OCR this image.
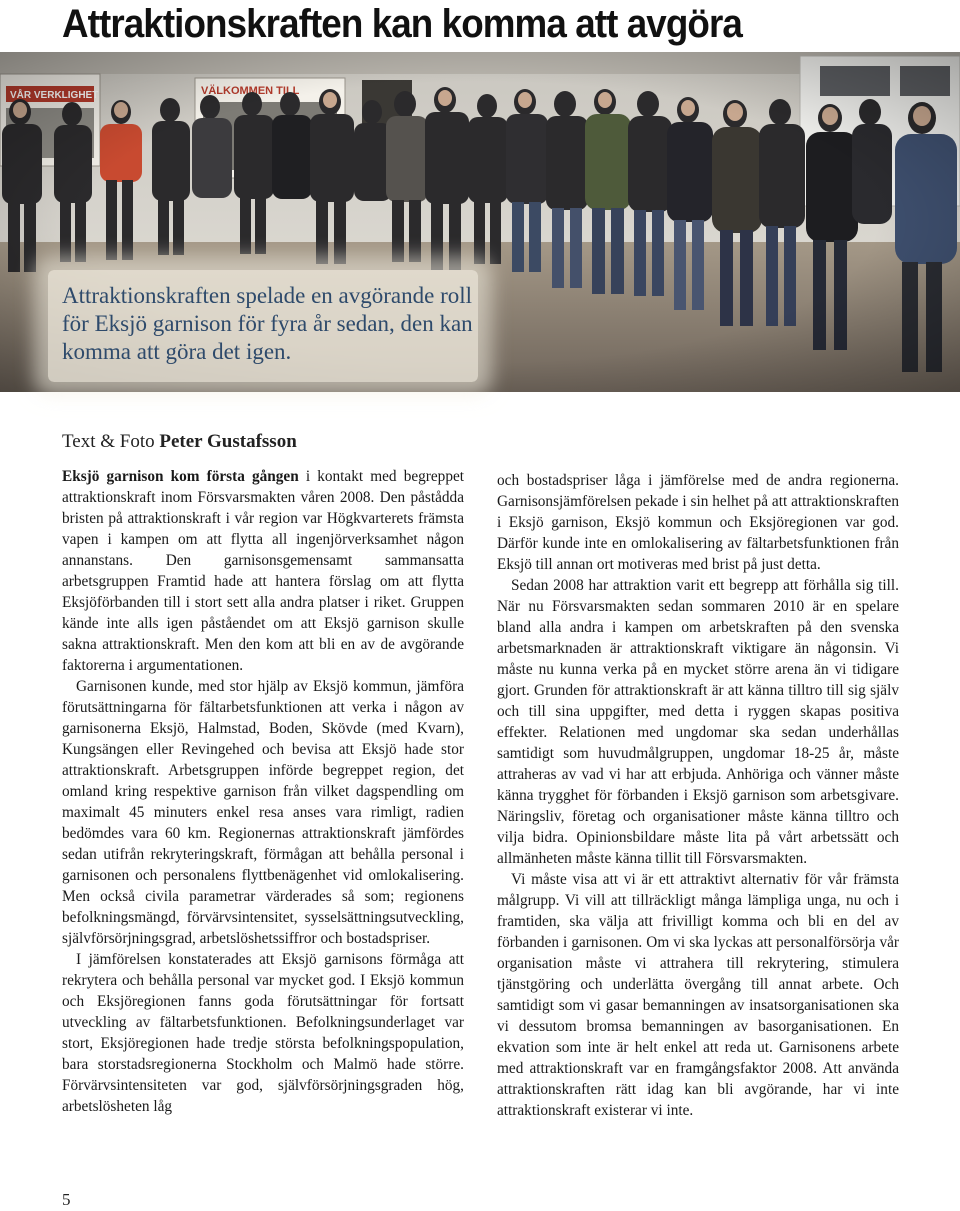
Attraktionskraften kan komma att avgöra

Attraktionskraften spelade en avgörande roll för Eksjö garnison för fyra år sedan, den kan komma att göra det igen.

Text & Foto Peter Gustafsson

Eksjö garnison kom första gången i kontakt med begreppet attraktionskraft inom Försvarsmakten våren 2008. Den påstådda bristen på attraktionskraft i vår region var Högkvarterets främsta vapen i kampen om att flytta all ingenjörverksamhet någon annanstans. Den garnisonsgemensamt sammansatta arbetsgruppen Framtid hade att hantera förslag om att flytta Eksjöförbanden till i stort sett alla andra platser i riket. Gruppen kände inte alls igen påståendet om att Eksjö garnison skulle sakna attraktionskraft. Men den kom att bli en av de avgörande faktorerna i argumentationen.

Garnisonen kunde, med stor hjälp av Eksjö kommun, jämföra förutsättningarna för fältarbetsfunktionen att verka i någon av garnisonerna Eksjö, Halmstad, Boden, Skövde (med Kvarn), Kungsängen eller Revingehed och bevisa att Eksjö hade stor attraktionskraft. Arbetsgruppen införde begreppet region, det omland kring respektive garnison från vilket dagspendling om maximalt 45 minuters enkel resa anses vara rimligt, radien bedömdes vara 60 km. Regionernas attraktionskraft jämfördes sedan utifrån rekryteringskraft, förmågan att behålla personal i garnisonen och personalens flyttbenägenhet vid omlokalisering. Men också civila parametrar värderades så som; regionens befolkningsmängd, förvärvsintensitet, sysselsättningsutveckling, självförsörjningsgrad, arbetslöshetssiffror och bostadspriser.

I jämförelsen konstaterades att Eksjö garnisons förmåga att rekrytera och behålla personal var mycket god. I Eksjö kommun och Eksjöregionen fanns goda förutsättningar för fortsatt utveckling av fältarbetsfunktionen. Befolkningsunderlaget var stort, Eksjöregionen hade tredje största befolkningspopulation, bara storstadsregionerna Stockholm och Malmö hade större. Förvärvsintensiteten var god, självförsörjningsgraden hög, arbetslösheten låg

och bostadspriser låga i jämförelse med de andra regionerna. Garnisonsjämförelsen pekade i sin helhet på att attraktionskraften i Eksjö garnison, Eksjö kommun och Eksjöregionen var god. Därför kunde inte en omlokalisering av fältarbetsfunktionen från Eksjö till annan ort motiveras med brist på just detta.

Sedan 2008 har attraktion varit ett begrepp att förhålla sig till. När nu Försvarsmakten sedan sommaren 2010 är en spelare bland alla andra i kampen om arbetskraften på den svenska arbetsmarknaden är attraktionskraft viktigare än någonsin. Vi måste nu kunna verka på en mycket större arena än vi tidigare gjort. Grunden för attraktionskraft är att känna tilltro till sig själv och till sina uppgifter, med detta i ryggen skapas positiva effekter. Relationen med ungdomar ska sedan underhållas samtidigt som huvudmålgruppen, ungdomar 18-25 år, måste attraheras av vad vi har att erbjuda. Anhöriga och vänner måste känna trygghet för förbanden i Eksjö garnison som arbetsgivare. Näringsliv, företag och organisationer måste känna tilltro och vilja bidra. Opinionsbildare måste lita på vårt arbetssätt och allmänheten måste känna tillit till Försvarsmakten.

Vi måste visa att vi är ett attraktivt alternativ för vår främsta målgrupp. Vi vill att tillräckligt många lämpliga unga, nu och i framtiden, ska välja att frivilligt komma och bli en del av förbanden i garnisonen. Om vi ska lyckas att personalförsörja vår organisation måste vi attrahera till rekrytering, stimulera tjänstgöring och underlätta övergång till annat arbete. Och samtidigt som vi gasar bemanningen av insatsorganisationen ska vi dessutom bromsa bemanningen av basorganisationen. En ekvation som inte är helt enkel att reda ut. Garnisonens arbete med attraktionskraft var en framgångsfaktor 2008. Att använda attraktionskraften rätt idag kan bli avgörande, har vi inte attraktionskraft existerar vi inte.

5
